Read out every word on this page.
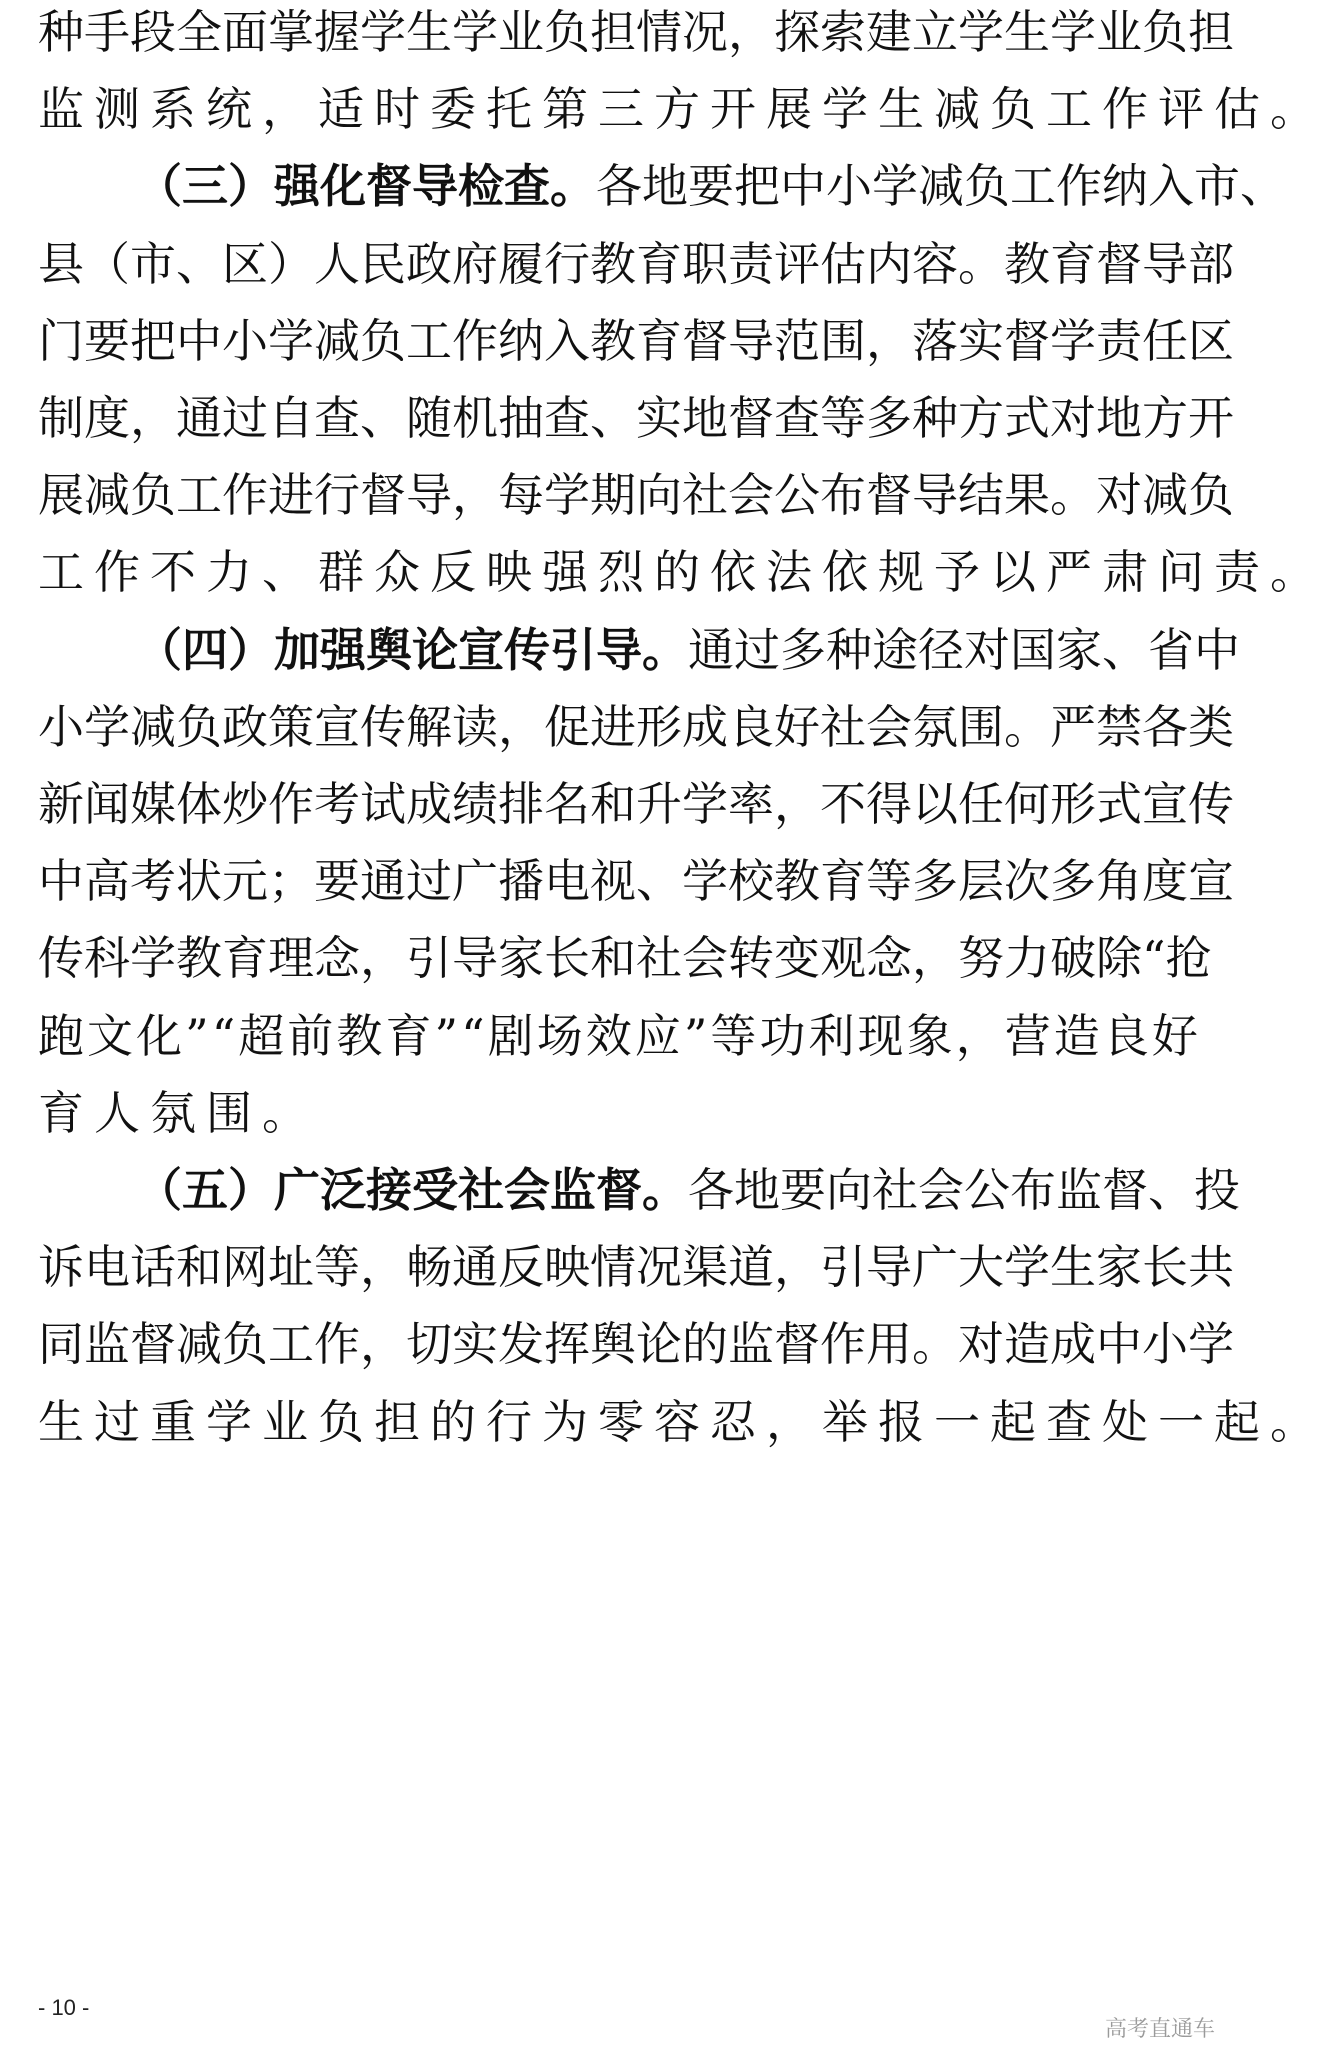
种 手 段 全 面 掌 握 学 生 学 业 负 担 情 况 ， 探 索 建 立 学 生 学 业 负 担
监 测 系 统 ， 适 时 委 托 第 三 方 开 展 学 生 减 负 工 作 评 估 。
（ 三 ） 强 化 督 导 检 查 。 各 地 要 把 中 小 学 减 负 工 作 纳 入 市 、
县 （ 市 、 区 ） 人 民 政 府 履 行 教 育 职 责 评 估 内 容 。 教 育 督 导 部
门 要 把 中 小 学 减 负 工 作 纳 入 教 育 督 导 范 围 ， 落 实 督 学 责 任 区
制 度 ， 通 过 自 查 、 随 机 抽 查 、 实 地 督 查 等 多 种 方 式 对 地 方 开
展 减 负 工 作 进 行 督 导 ， 每 学 期 向 社 会 公 布 督 导 结 果 。 对 减 负
工 作 不 力 、 群 众 反 映 强 烈 的 依 法 依 规 予 以 严 肃 问 责 。
（ 四 ） 加 强 舆 论 宣 传 引 导 。 通 过 多 种 途 径 对 国 家 、 省 中
小 学 减 负 政 策 宣 传 解 读 ， 促 进 形 成 良 好 社 会 氛 围 。 严 禁 各 类
新 闻 媒 体 炒 作 考 试 成 绩 排 名 和 升 学 率 ， 不 得 以 任 何 形 式 宣 传
中 高 考 状 元 ； 要 通 过 广 播 电 视 、 学 校 教 育 等 多 层 次 多 角 度 宣
传 科 学 教 育 理 念 ， 引 导 家 长 和 社 会 转 变 观 念 ， 努 力 破 除 “ 抢
跑 文 化 ” “ 超 前 教 育 ” “ 剧 场 效 应 ” 等 功 利 现 象 ， 营 造 良 好
育 人 氛 围 。
（ 五 ） 广 泛 接 受 社 会 监 督 。 各 地 要 向 社 会 公 布 监 督 、 投
诉 电 话 和 网 址 等 ， 畅 通 反 映 情 况 渠 道 ， 引 导 广 大 学 生 家 长 共
同 监 督 减 负 工 作 ， 切 实 发 挥 舆 论 的 监 督 作 用 。 对 造 成 中 小 学
生 过 重 学 业 负 担 的 行 为 零 容 忍 ， 举 报 一 起 查 处 一 起 。
- 10 -
高考直通车
